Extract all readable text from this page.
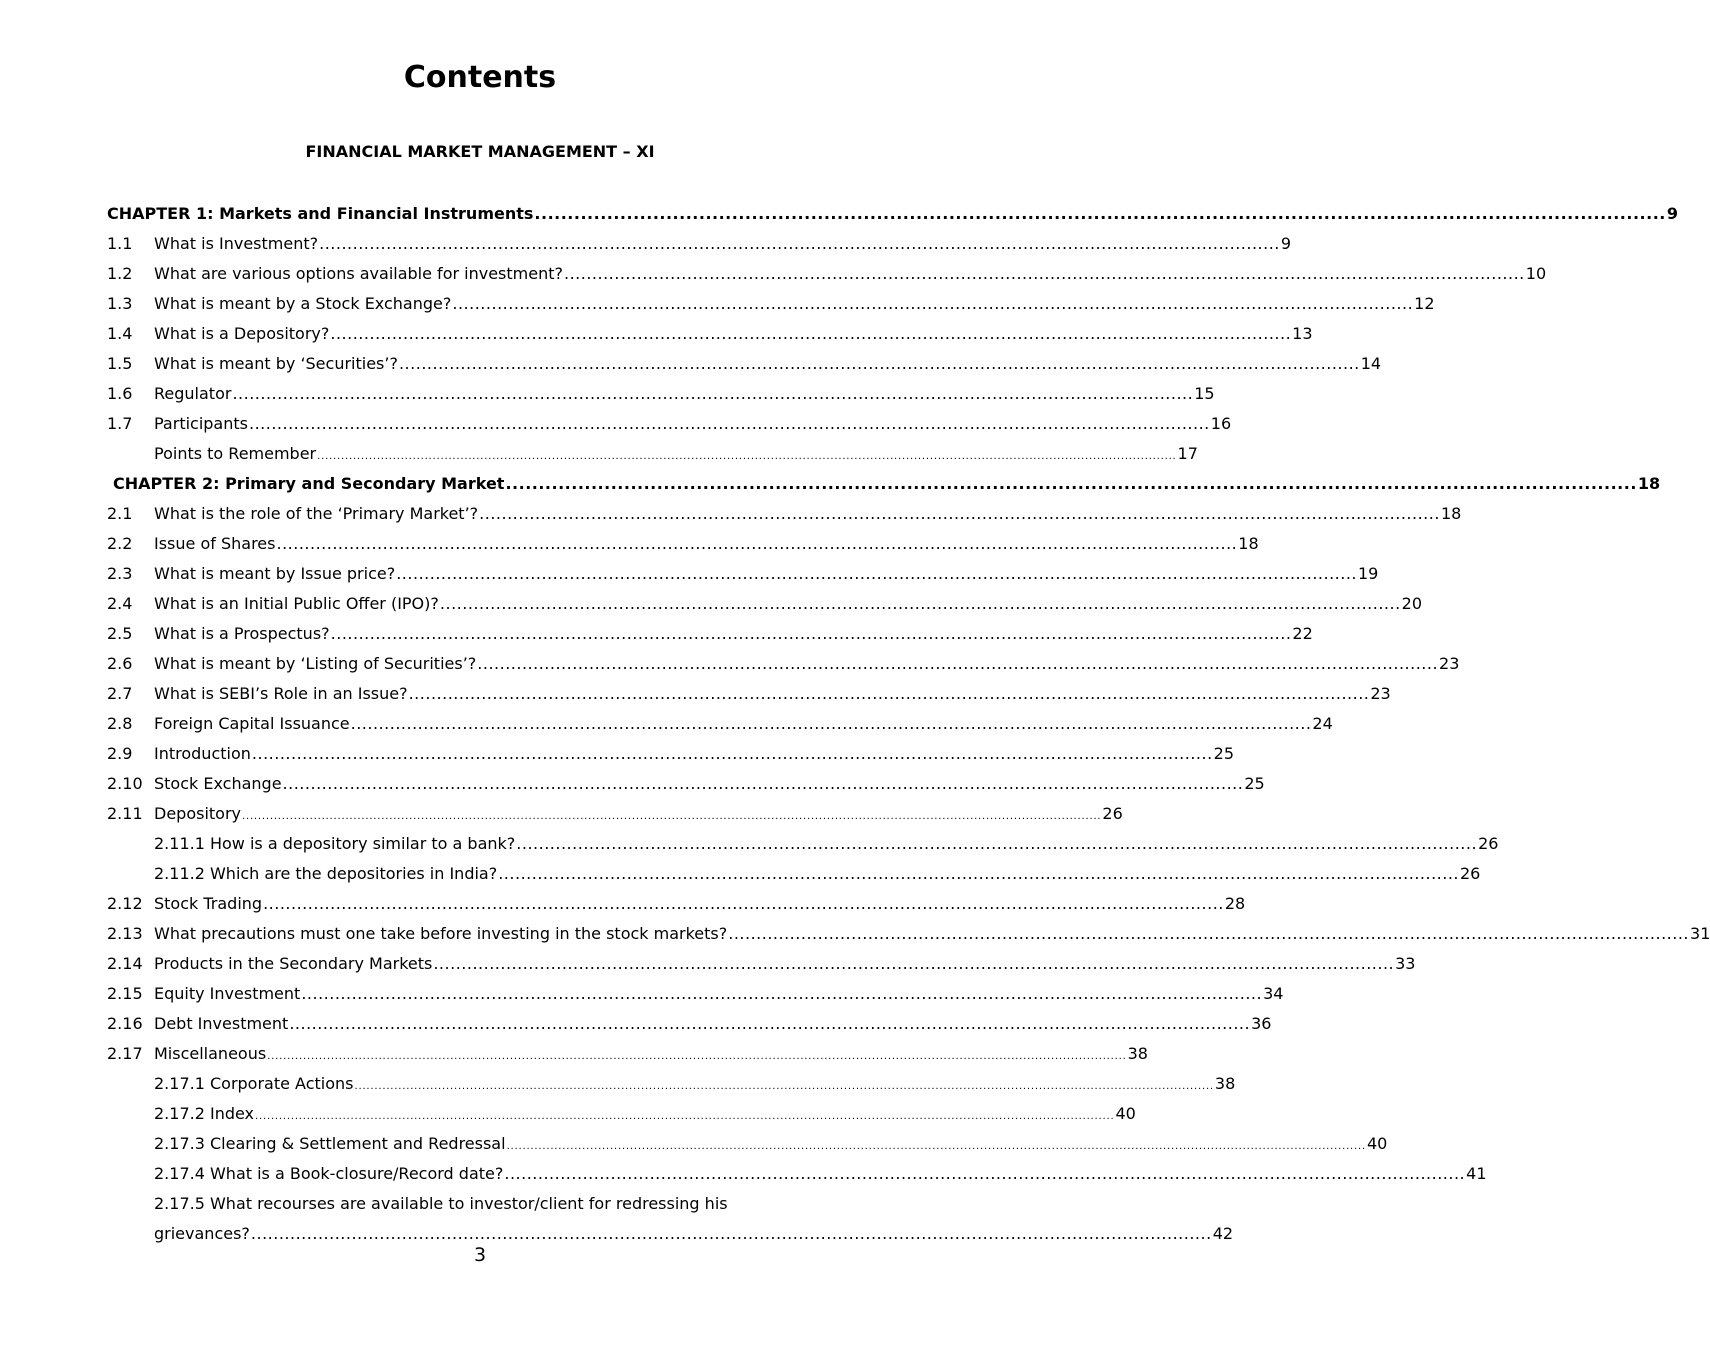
Contents
FINANCIAL MARKET MANAGEMENT – XI
CHAPTER 1: Markets and Financial Instruments ............................................................................................................................................................................ 9
1.1	What is Investment? ............................................................................................................................................................................ 9
1.2	What are various options available for investment? ............................................................................................................................................................................ 10
1.3	What is meant by a Stock Exchange? ............................................................................................................................................................................ 12
1.4	What is a Depository? ............................................................................................................................................................................ 13
1.5	What is meant by ‘Securities’? ............................................................................................................................................................................ 14
1.6	Regulator ............................................................................................................................................................................ 15
1.7	Participants ............................................................................................................................................................................ 16
Points to Remember ........................................................................................................................................................................................................................ 17
CHAPTER 2: Primary and Secondary Market ............................................................................................................................................................................ 18
2.1	What is the role of the ‘Primary Market’? ............................................................................................................................................................................ 18
2.2	Issue of Shares ............................................................................................................................................................................ 18
2.3	What is meant by Issue price? ............................................................................................................................................................................ 19
2.4	What is an Initial Public Offer (IPO)? ............................................................................................................................................................................ 20
2.5	What is a Prospectus? ............................................................................................................................................................................ 22
2.6	What is meant by ‘Listing of Securities’? ............................................................................................................................................................................ 23
2.7	What is SEBI’s Role in an Issue? ............................................................................................................................................................................ 23
2.8	Foreign Capital Issuance ............................................................................................................................................................................ 24
2.9	Introduction ............................................................................................................................................................................ 25
2.10 Stock Exchange ............................................................................................................................................................................ 25
2.11 Depository ........................................................................................................................................................................................................................ 26
2.11.1 How is a depository similar to a bank? ............................................................................................................................................................................ 26
2.11.2 Which are the depositories in India? ............................................................................................................................................................................ 26
2.12 Stock Trading ............................................................................................................................................................................ 28
2.13 What precautions must one take before investing in the stock markets? ............................................................................................................................................................................ 31
2.14 Products in the Secondary Markets ............................................................................................................................................................................ 33
2.15 Equity Investment ............................................................................................................................................................................ 34
2.16 Debt Investment ............................................................................................................................................................................ 36
2.17 Miscellaneous ........................................................................................................................................................................................................................ 38
2.17.1 Corporate Actions ........................................................................................................................................................................................................................ 38
2.17.2 Index ........................................................................................................................................................................................................................ 40
2.17.3 Clearing & Settlement and Redressal ........................................................................................................................................................................................................................ 40
2.17.4 What is a Book-closure/Record date? ............................................................................................................................................................................ 41
2.17.5 What recourses are available to investor/client for redressing his
grievances? ............................................................................................................................................................................ 42
3
